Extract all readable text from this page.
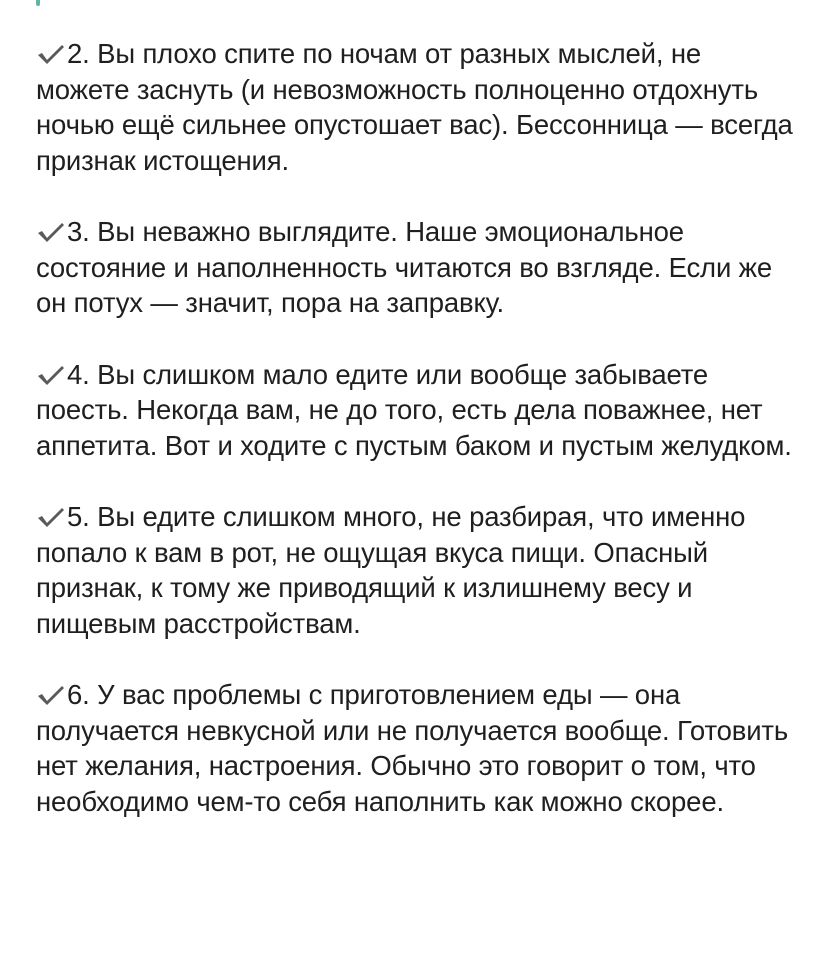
2. Вы плохо спите по ночам от разных мыслей, не можете заснуть (и невозможность полноценно отдохнуть ночью ещё сильнее опустошает вас). Бессонница — всегда признак истощения.

3. Вы неважно выглядите. Наше эмоциональное состояние и наполненность читаются во взгляде. Если же он потух — значит, пора на заправку.

4. Вы слишком мало едите или вообще забываете поесть. Некогда вам, не до того, есть дела поважнее, нет аппетита. Вот и ходите с пустым баком и пустым желудком.

5. Вы едите слишком много, не разбирая, что именно попало к вам в рот, не ощущая вкуса пищи. Опасный признак, к тому же приводящий к излишнему весу и пищевым расстройствам.

6. У вас проблемы с приготовлением еды — она получается невкусной или не получается вообще. Готовить нет желания, настроения. Обычно это говорит о том, что необходимо чем-то себя наполнить как можно скорее.
